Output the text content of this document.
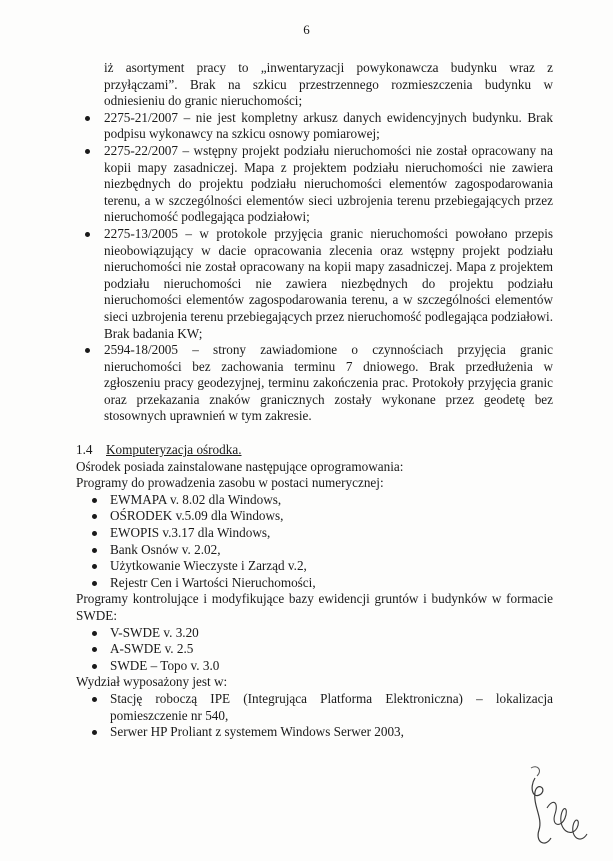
6

iż asortyment pracy to „inwentaryzacji powykonawcza budynku wraz z przyłączami”. Brak na szkicu przestrzennego rozmieszczenia budynku w odniesieniu do granic nieruchomości;

2275-21/2007 – nie jest kompletny arkusz danych ewidencyjnych budynku. Brak podpisu wykonawcy na szkicu osnowy pomiarowej;
2275-22/2007 – wstępny projekt podziału nieruchomości nie został opracowany na kopii mapy zasadniczej. Mapa z projektem podziału nieruchomości nie zawiera niezbędnych do projektu podziału nieruchomości elementów zagospodarowania terenu, a w szczególności elementów sieci uzbrojenia terenu przebiegających przez nieruchomość podlegająca podziałowi;
2275-13/2005 – w protokole przyjęcia granic nieruchomości powołano przepis nieobowiązujący w dacie opracowania zlecenia oraz wstępny projekt podziału nieruchomości nie został opracowany na kopii mapy zasadniczej. Mapa z projektem podziału nieruchomości nie zawiera niezbędnych do projektu podziału nieruchomości elementów zagospodarowania terenu, a w szczególności elementów sieci uzbrojenia terenu przebiegających przez nieruchomość podlegająca podziałowi. Brak badania KW;
2594-18/2005 – strony zawiadomione o czynnościach przyjęcia granic nieruchomości bez zachowania terminu 7 dniowego. Brak przedłużenia w zgłoszeniu pracy geodezyjnej, terminu zakończenia prac. Protokoły przyjęcia granic oraz przekazania znaków granicznych zostały wykonane przez geodetę bez stosownych uprawnień w tym zakresie.
1.4	Komputeryzacja ośrodka.

Ośrodek posiada zainstalowane następujące oprogramowania:

Programy do prowadzenia zasobu w postaci numerycznej:

EWMAPA v. 8.02 dla Windows,
OŚRODEK v.5.09 dla Windows,
EWOPIS v.3.17 dla Windows,
Bank Osnów v. 2.02,
Użytkowanie Wieczyste i Zarząd v.2,
Rejestr Cen i Wartości Nieruchomości,

Programy kontrolujące i modyfikujące bazy ewidencji gruntów i budynków w formacie SWDE:

V-SWDE v. 3.20
A-SWDE v. 2.5
SWDE – Topo v. 3.0

Wydział wyposażony jest w:

Stację roboczą IPE (Integrująca Platforma Elektroniczna) – lokalizacja pomieszczenie nr 540,
Serwer HP Proliant z systemem Windows Serwer 2003,
